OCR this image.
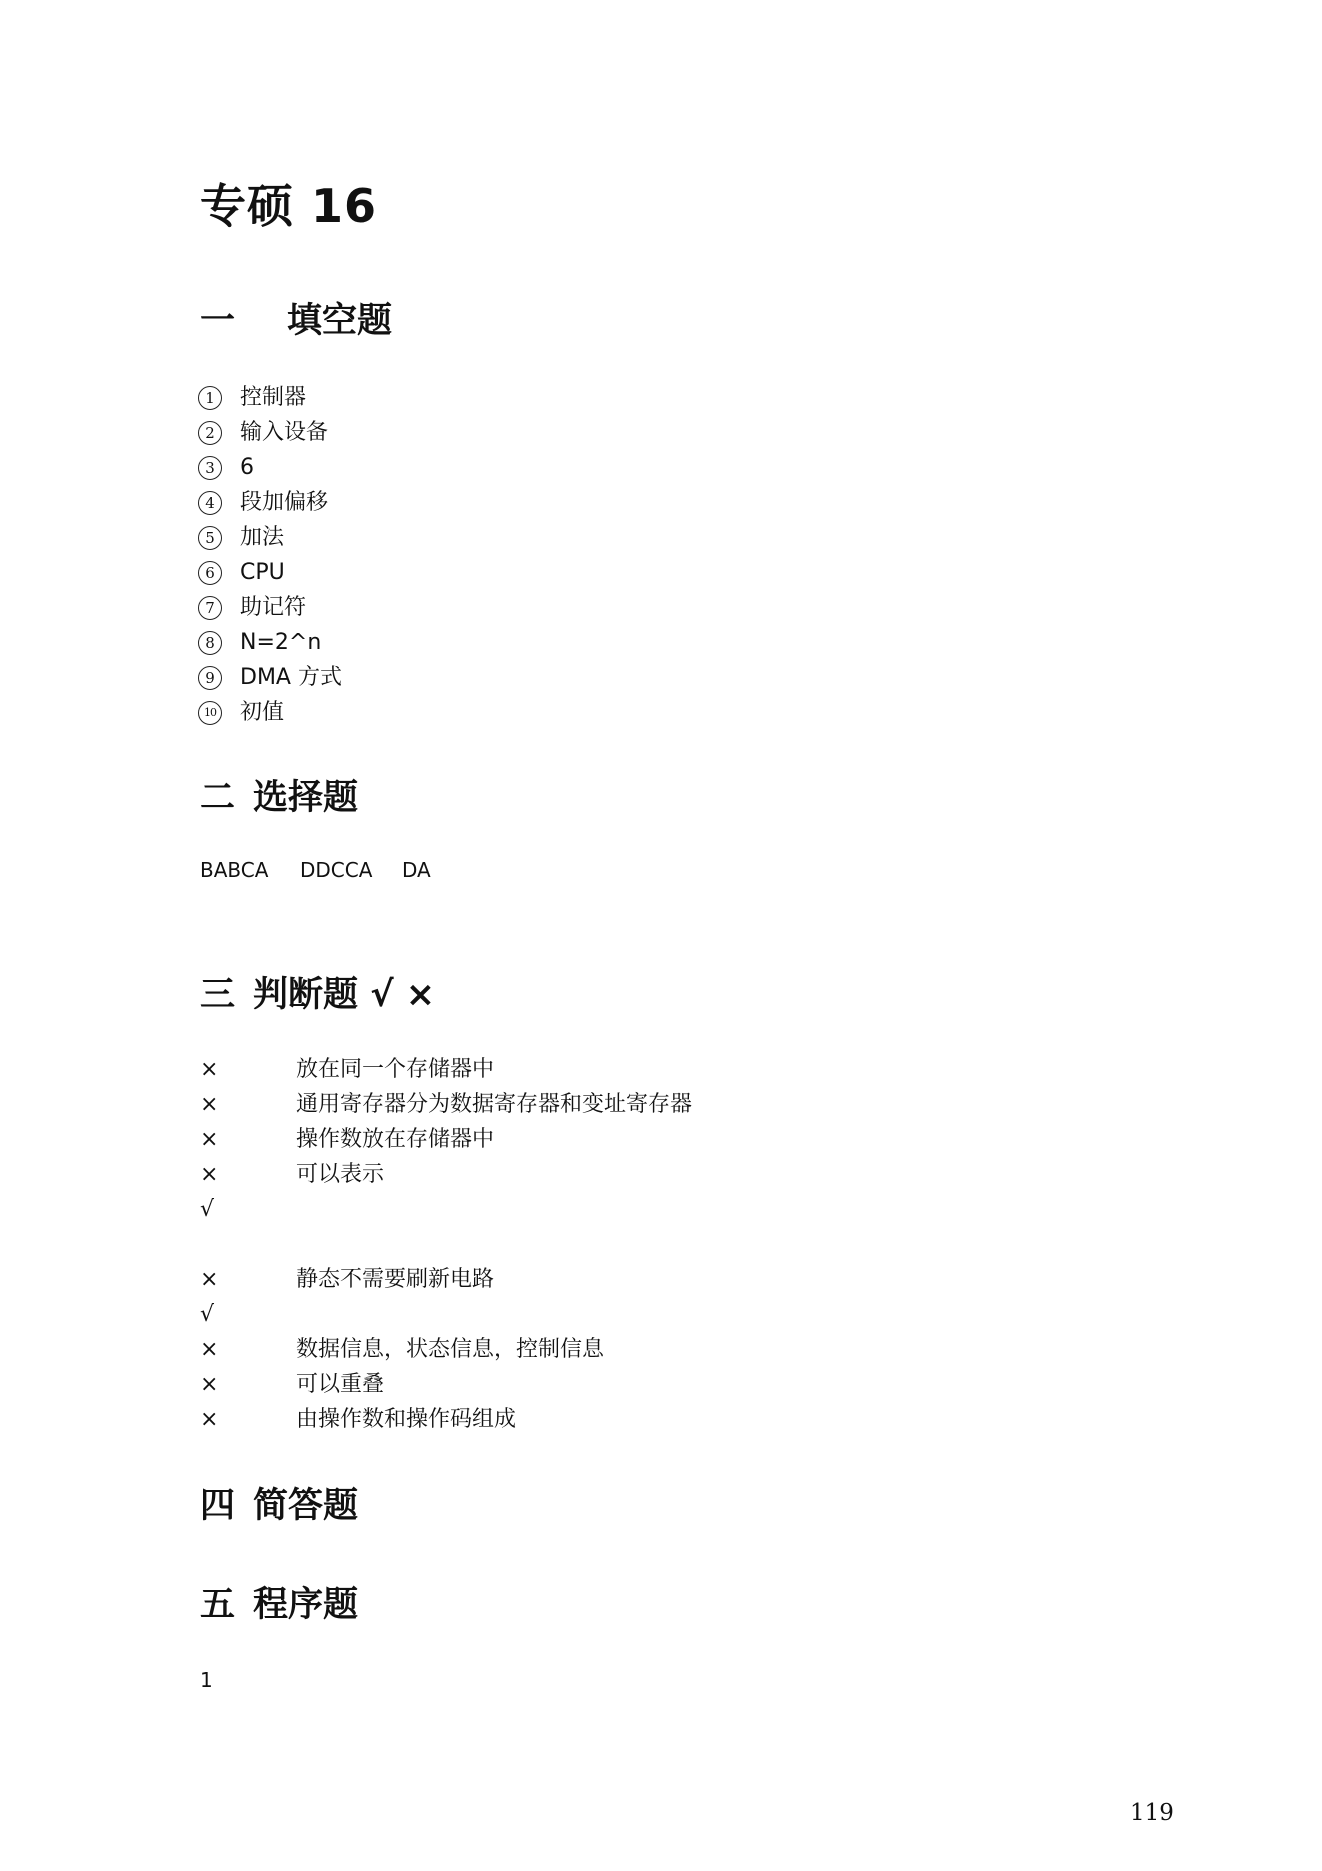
专硕 16
一 填空题
1	控制器
2	输入设备
3	6
4	段加偏移
5	加法
6	CPU
7	助记符
8	N=2^n
9	DMA 方式
10 初值
二 选择题
BABCA DDCCA DA
三 判断题 √ ×
×	放在同一个存储器中
×	通用寄存器分为数据寄存器和变址寄存器
×	操作数放在存储器中
×	可以表示
√
×	静态不需要刷新电路
√
×	数据信息，状态信息，控制信息
×	可以重叠
×	由操作数和操作码组成
四 简答题
五 程序题
1
119
